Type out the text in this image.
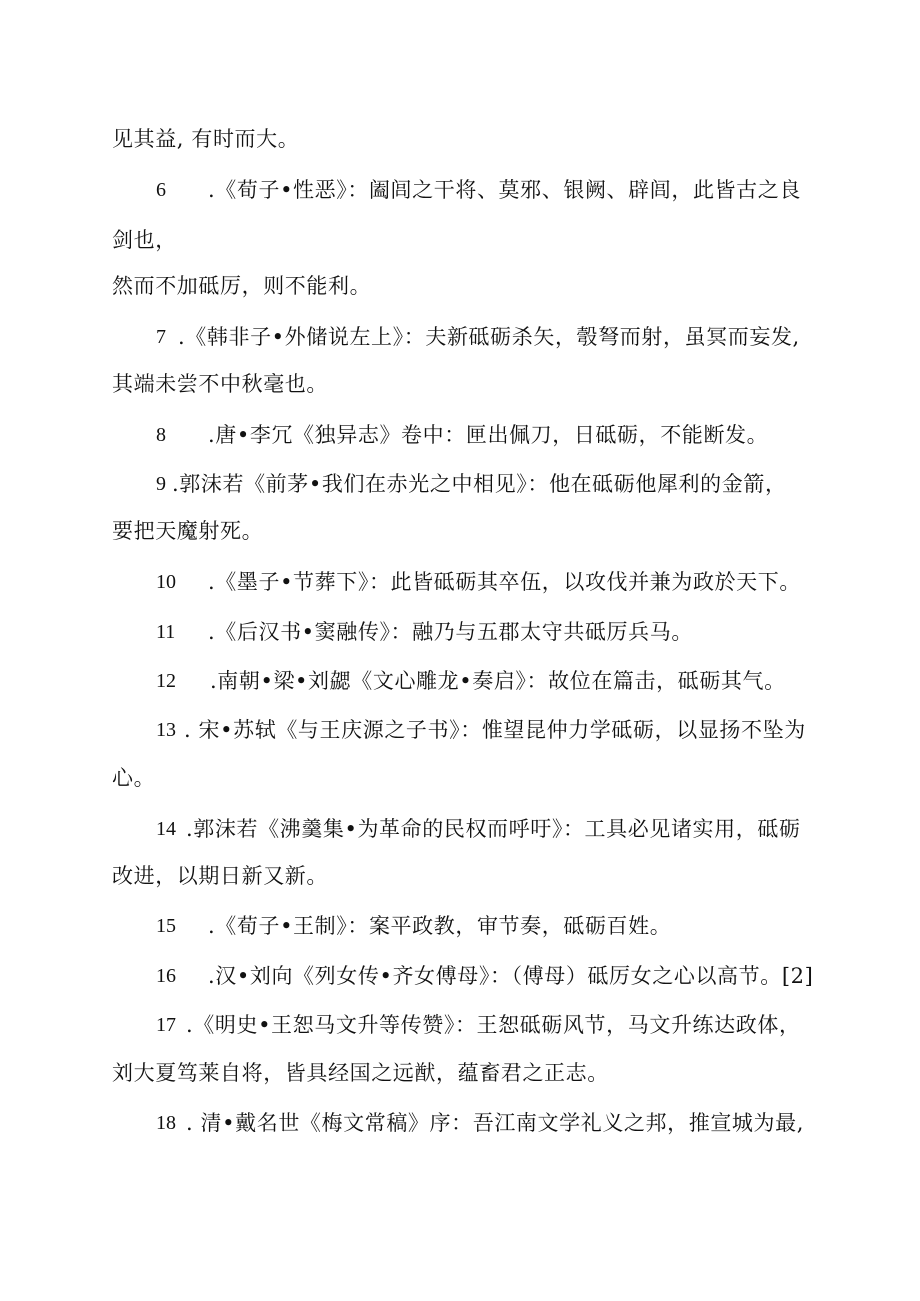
见其益, 有时而大。
6 .《荀子•性恶》：阖闾之干将、莫邪、银阙、辟闾，此皆古之良
剑也，
然而不加砥厉，则不能利。
7 .《韩非子•外储说左上》：夫新砥砺杀矢，彀弩而射，虽冥而妄发,
其端未尝不中秋毫也。
8 .唐•李冗《独异志》卷中：匣出佩刀，日砥砺，不能断发。
9 .郭沫若《前茅•我们在赤光之中相见》：他在砥砺他犀利的金箭，
要把天魔射死。
10 .《墨子•节葬下》：此皆砥砺其卒伍，以攻伐并兼为政於天下。
11 .《后汉书•窦融传》：融乃与五郡太守共砥厉兵马。
12 .南朝•梁•刘勰《文心雕龙•奏启》：故位在篇击，砥砺其气。
13 . 宋•苏轼《与王庆源之子书》：惟望昆仲力学砥砺，以显扬不坠为
心。
14 .郭沫若《沸羹集•为革命的民权而呼吁》：工具必见诸实用，砥砺
改进，以期日新又新。
15 .《荀子•王制》：案平政教，审节奏，砥砺百姓。
16 .汉•刘向《列女传•齐女傅母》：（傅母）砥厉女之心以高节。[2]
17 .《明史•王恕马文升等传赞》：王恕砥砺风节，马文升练达政体，
刘大夏笃莱自将，皆具经国之远猷，蕴畜君之正志。
18 . 清•戴名世《梅文常稿》序：吾江南文学礼义之邦，推宣城为最,
